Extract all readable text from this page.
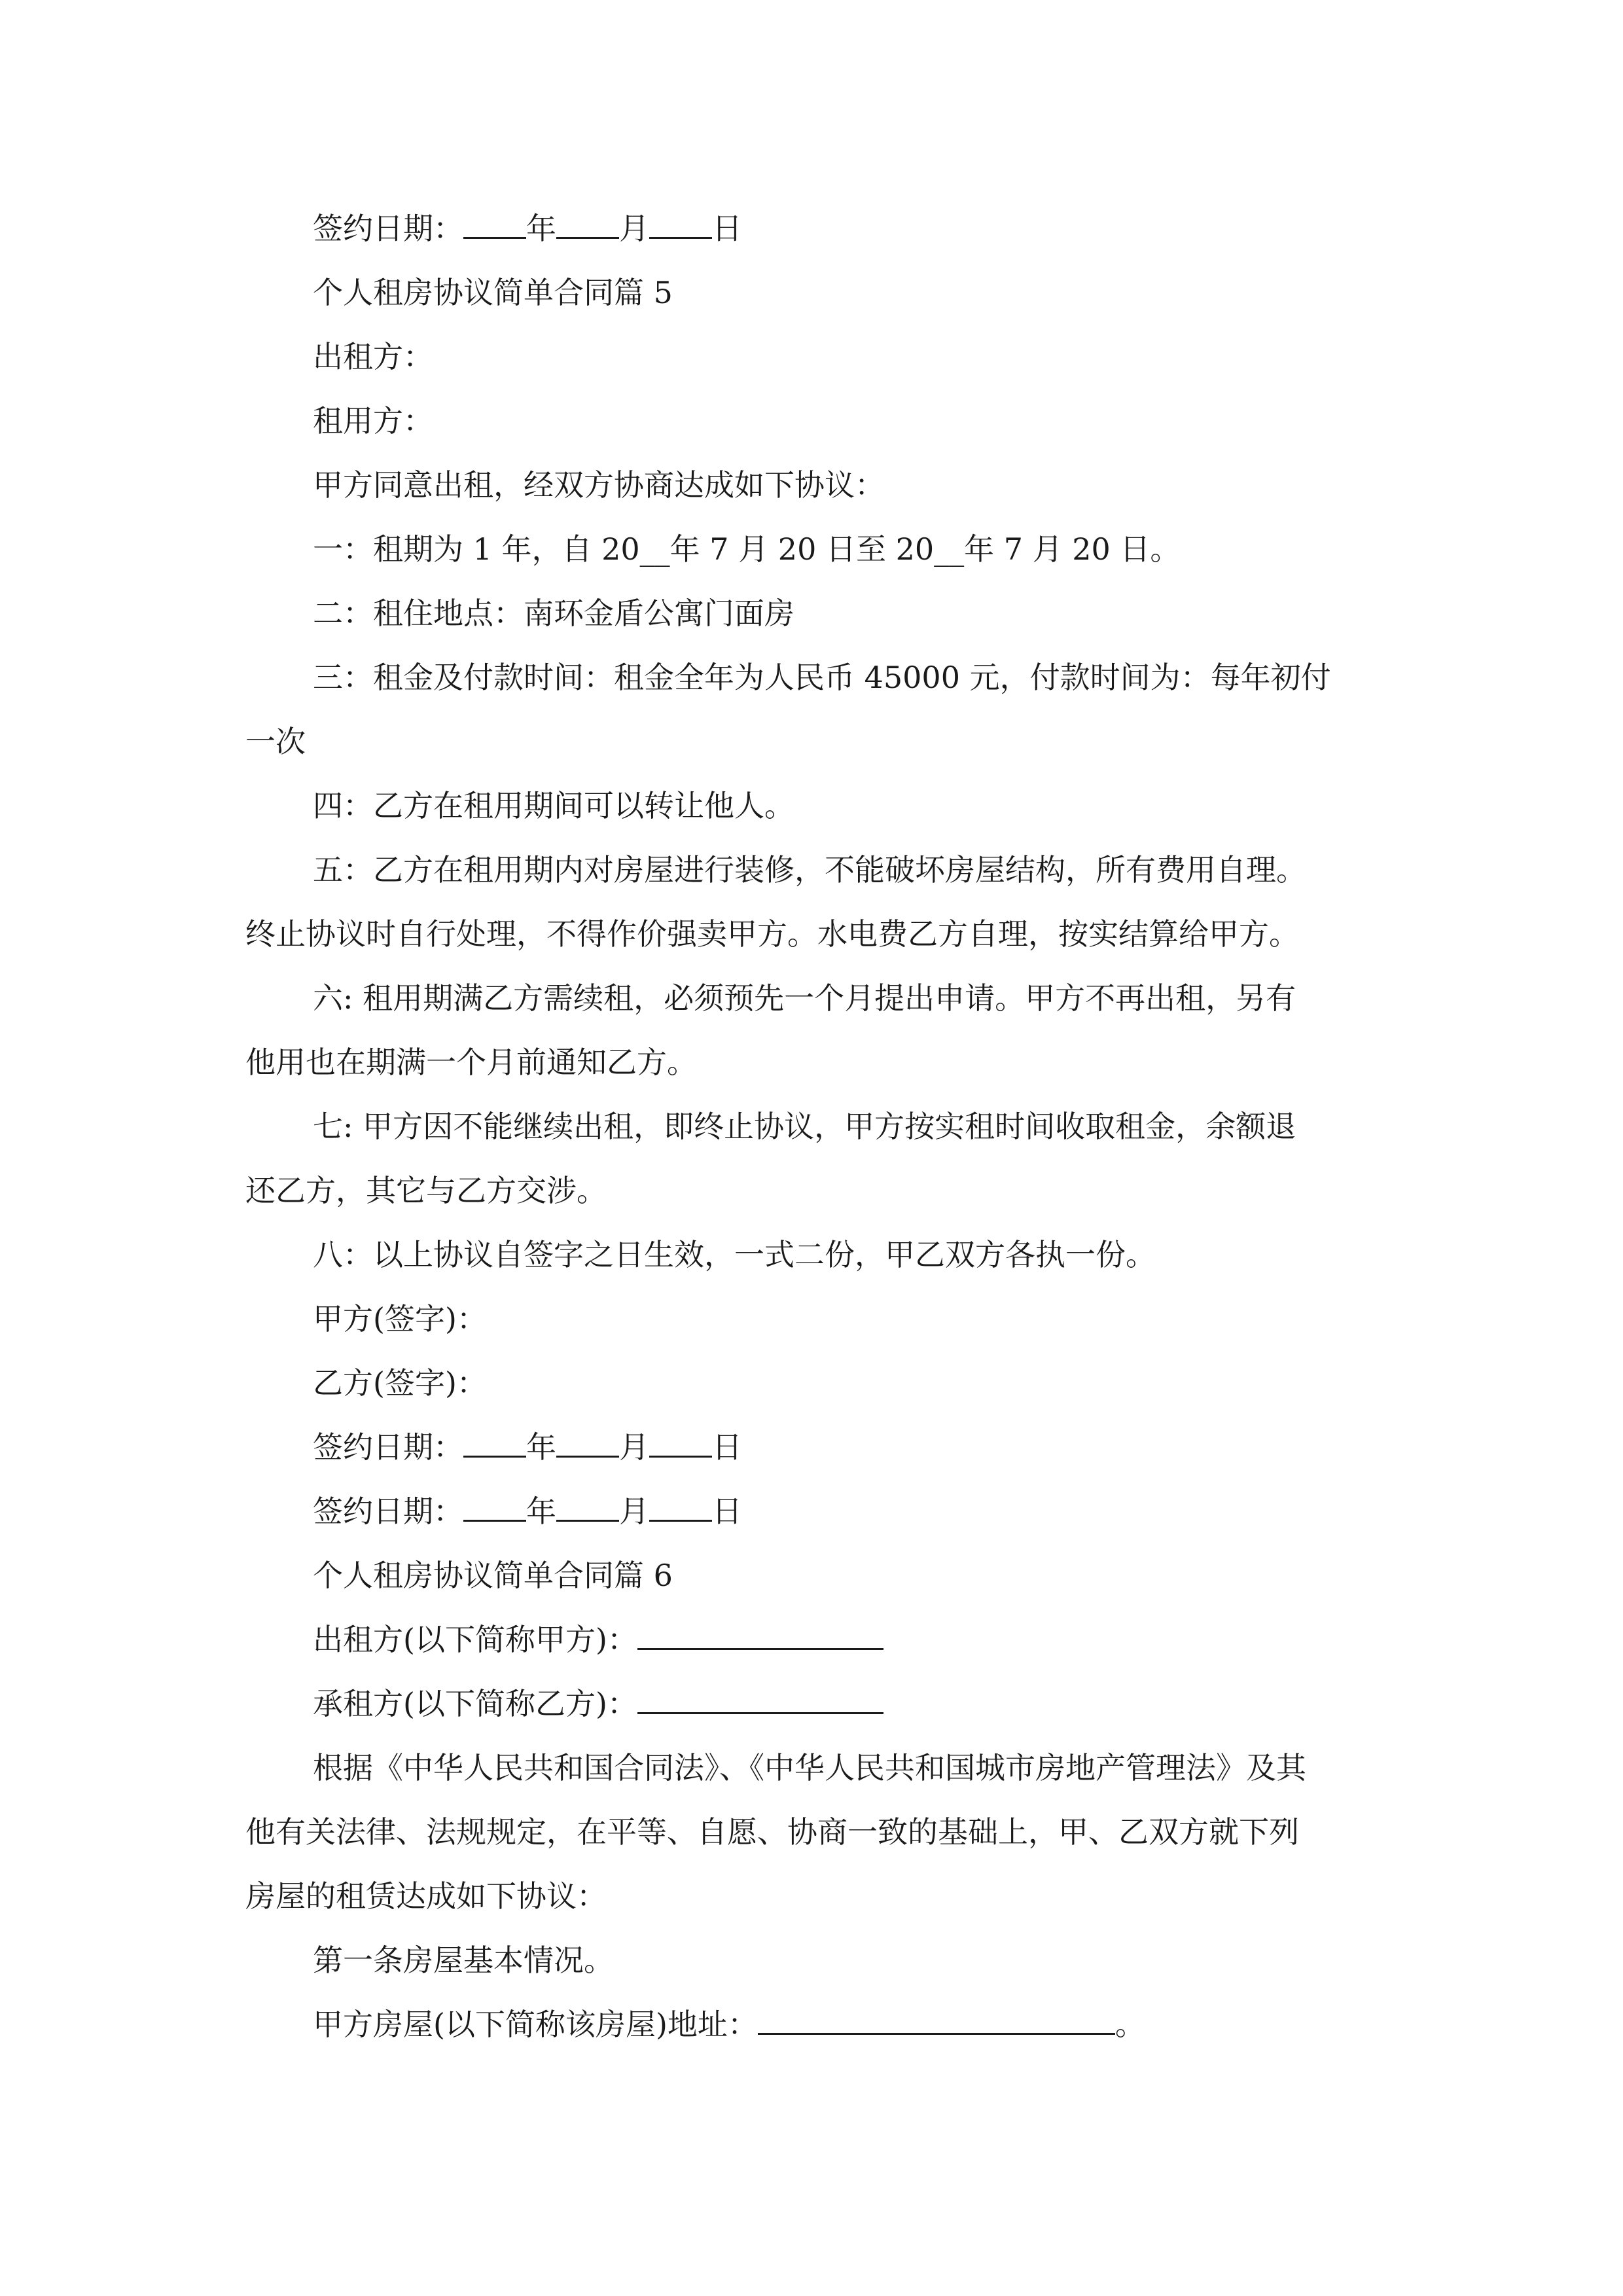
签约日期： 年 月 日
个人租房协议简单合同篇 5
出租方：
租用方：
甲方同意出租，经双方协商达成如下协议：
一：租期为 1 年，自 20__年 7 月 20 日至 20__年 7 月 20 日。
二：租住地点：南环金盾公寓门面房
三：租金及付款时间：租金全年为人民币 45000 元，付款时间为：每年初付
一次
四：乙方在租用期间可以转让他人。
五：乙方在租用期内对房屋进行装修，不能破坏房屋结构，所有费用自理。
终止协议时自行处理，不得作价强卖甲方。水电费乙方自理，按实结算给甲方。
六: 租用期满乙方需续租，必须预先一个月提出申请。甲方不再出租，另有
他用也在期满一个月前通知乙方。
七: 甲方因不能继续出租，即终止协议，甲方按实租时间收取租金，余额退
还乙方，其它与乙方交涉。
八：以上协议自签字之日生效，一式二份，甲乙双方各执一份。
甲方(签字)：
乙方(签字)：
签约日期： 年 月 日
签约日期： 年 月 日
个人租房协议简单合同篇 6
出租方(以下简称甲方)：
承租方(以下简称乙方)：
根据《中华人民共和国合同法》、《中华人民共和国城市房地产管理法》及其
他有关法律、法规规定，在平等、自愿、协商一致的基础上，甲、乙双方就下列
房屋的租赁达成如下协议：
第一条房屋基本情况。
甲方房屋(以下简称该房屋)地址：	。
